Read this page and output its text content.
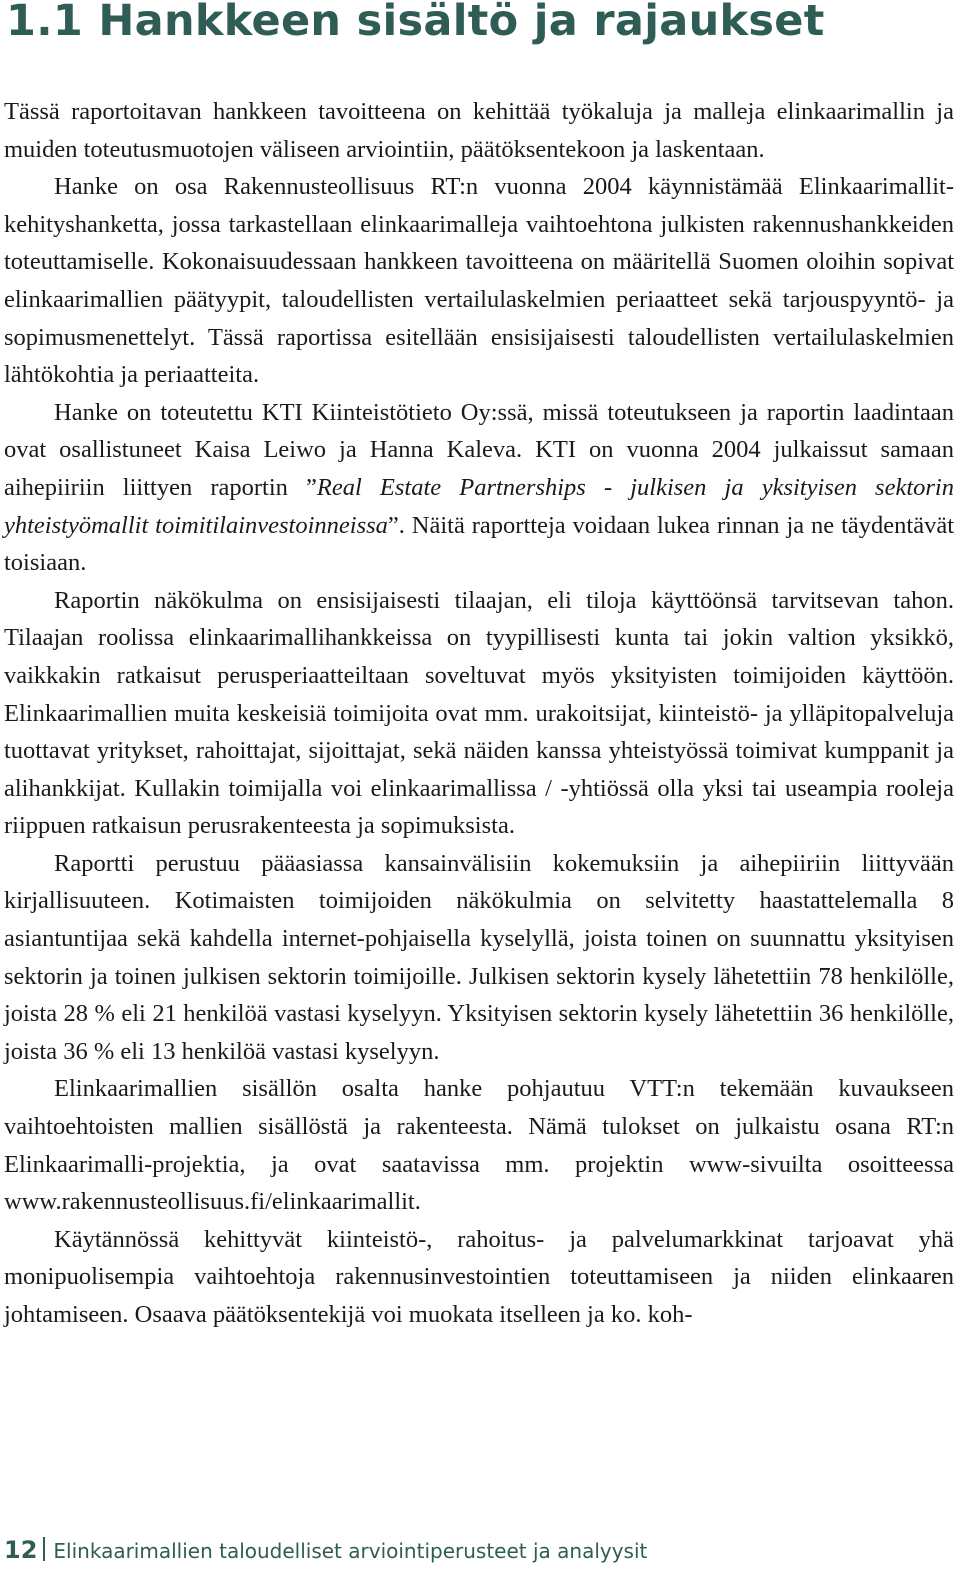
1.1 Hankkeen sisältö ja rajaukset

Tässä raportoitavan hankkeen tavoitteena on kehittää työkaluja ja malleja elinkaarimallin ja muiden toteutusmuotojen väliseen arviointiin, päätöksentekoon ja laskentaan.

Hanke on osa Rakennusteollisuus RT:n vuonna 2004 käynnistämää Elinkaarimallit-kehityshanketta, jossa tarkastellaan elinkaarimalleja vaihtoehtona julkisten rakennushankkeiden toteuttamiselle. Kokonaisuudessaan hankkeen tavoitteena on määritellä Suomen oloihin sopivat elinkaarimallien päätyypit, taloudellisten vertailulaskelmien periaatteet sekä tarjouspyyntö- ja sopimusmenettelyt. Tässä raportissa esitellään ensisijaisesti taloudellisten vertailulaskelmien lähtökohtia ja periaatteita.

Hanke on toteutettu KTI Kiinteistötieto Oy:ssä, missä toteutukseen ja raportin laadintaan ovat osallistuneet Kaisa Leiwo ja Hanna Kaleva. KTI on vuonna 2004 julkaissut samaan aihepiiriin liittyen raportin ”Real Estate Partnerships - julkisen ja yksityisen sektorin yhteistyömallit toimitilainvestoinneissa”. Näitä raportteja voidaan lukea rinnan ja ne täydentävät toisiaan.

Raportin näkökulma on ensisijaisesti tilaajan, eli tiloja käyttöönsä tarvitsevan tahon. Tilaajan roolissa elinkaarimallihankkeissa on tyypillisesti kunta tai jokin valtion yksikkö, vaikkakin ratkaisut perusperiaatteiltaan soveltuvat myös yksityisten toimijoiden käyttöön. Elinkaarimallien muita keskeisiä toimijoita ovat mm. urakoitsijat, kiinteistö- ja ylläpitopalveluja tuottavat yritykset, rahoittajat, sijoittajat, sekä näiden kanssa yhteistyössä toimivat kumppanit ja alihankkijat. Kullakin toimijalla voi elinkaarimallissa / -yhtiössä olla yksi tai useampia rooleja riippuen ratkaisun perusrakenteesta ja sopimuksista.

Raportti perustuu pääasiassa kansainvälisiin kokemuksiin ja aihepiiriin liittyvään kirjallisuuteen. Kotimaisten toimijoiden näkökulmia on selvitetty haastattelemalla 8 asiantuntijaa sekä kahdella internet-pohjaisella kyselyllä, joista toinen on suunnattu yksityisen sektorin ja toinen julkisen sektorin toimijoille. Julkisen sektorin kysely lähetettiin 78 henkilölle, joista 28 % eli 21 henkilöä vastasi kyselyyn. Yksityisen sektorin kysely lähetettiin 36 henkilölle, joista 36 % eli 13 henkilöä vastasi kyselyyn.

Elinkaarimallien sisällön osalta hanke pohjautuu VTT:n tekemään kuvaukseen vaihtoehtoisten mallien sisällöstä ja rakenteesta. Nämä tulokset on julkaistu osana RT:n Elinkaarimalli-projektia, ja ovat saatavissa mm. projektin www-sivuilta osoitteessa www.rakennusteollisuus.fi/elinkaarimallit.

Käytännössä kehittyvät kiinteistö-, rahoitus- ja palvelumarkkinat tarjoavat yhä monipuolisempia vaihtoehtoja rakennusinvestointien toteuttamiseen ja niiden elinkaaren johtamiseen. Osaava päätöksentekijä voi muokata itselleen ja ko. koh-

12 Elinkaarimallien taloudelliset arviointiperusteet ja analyysit
